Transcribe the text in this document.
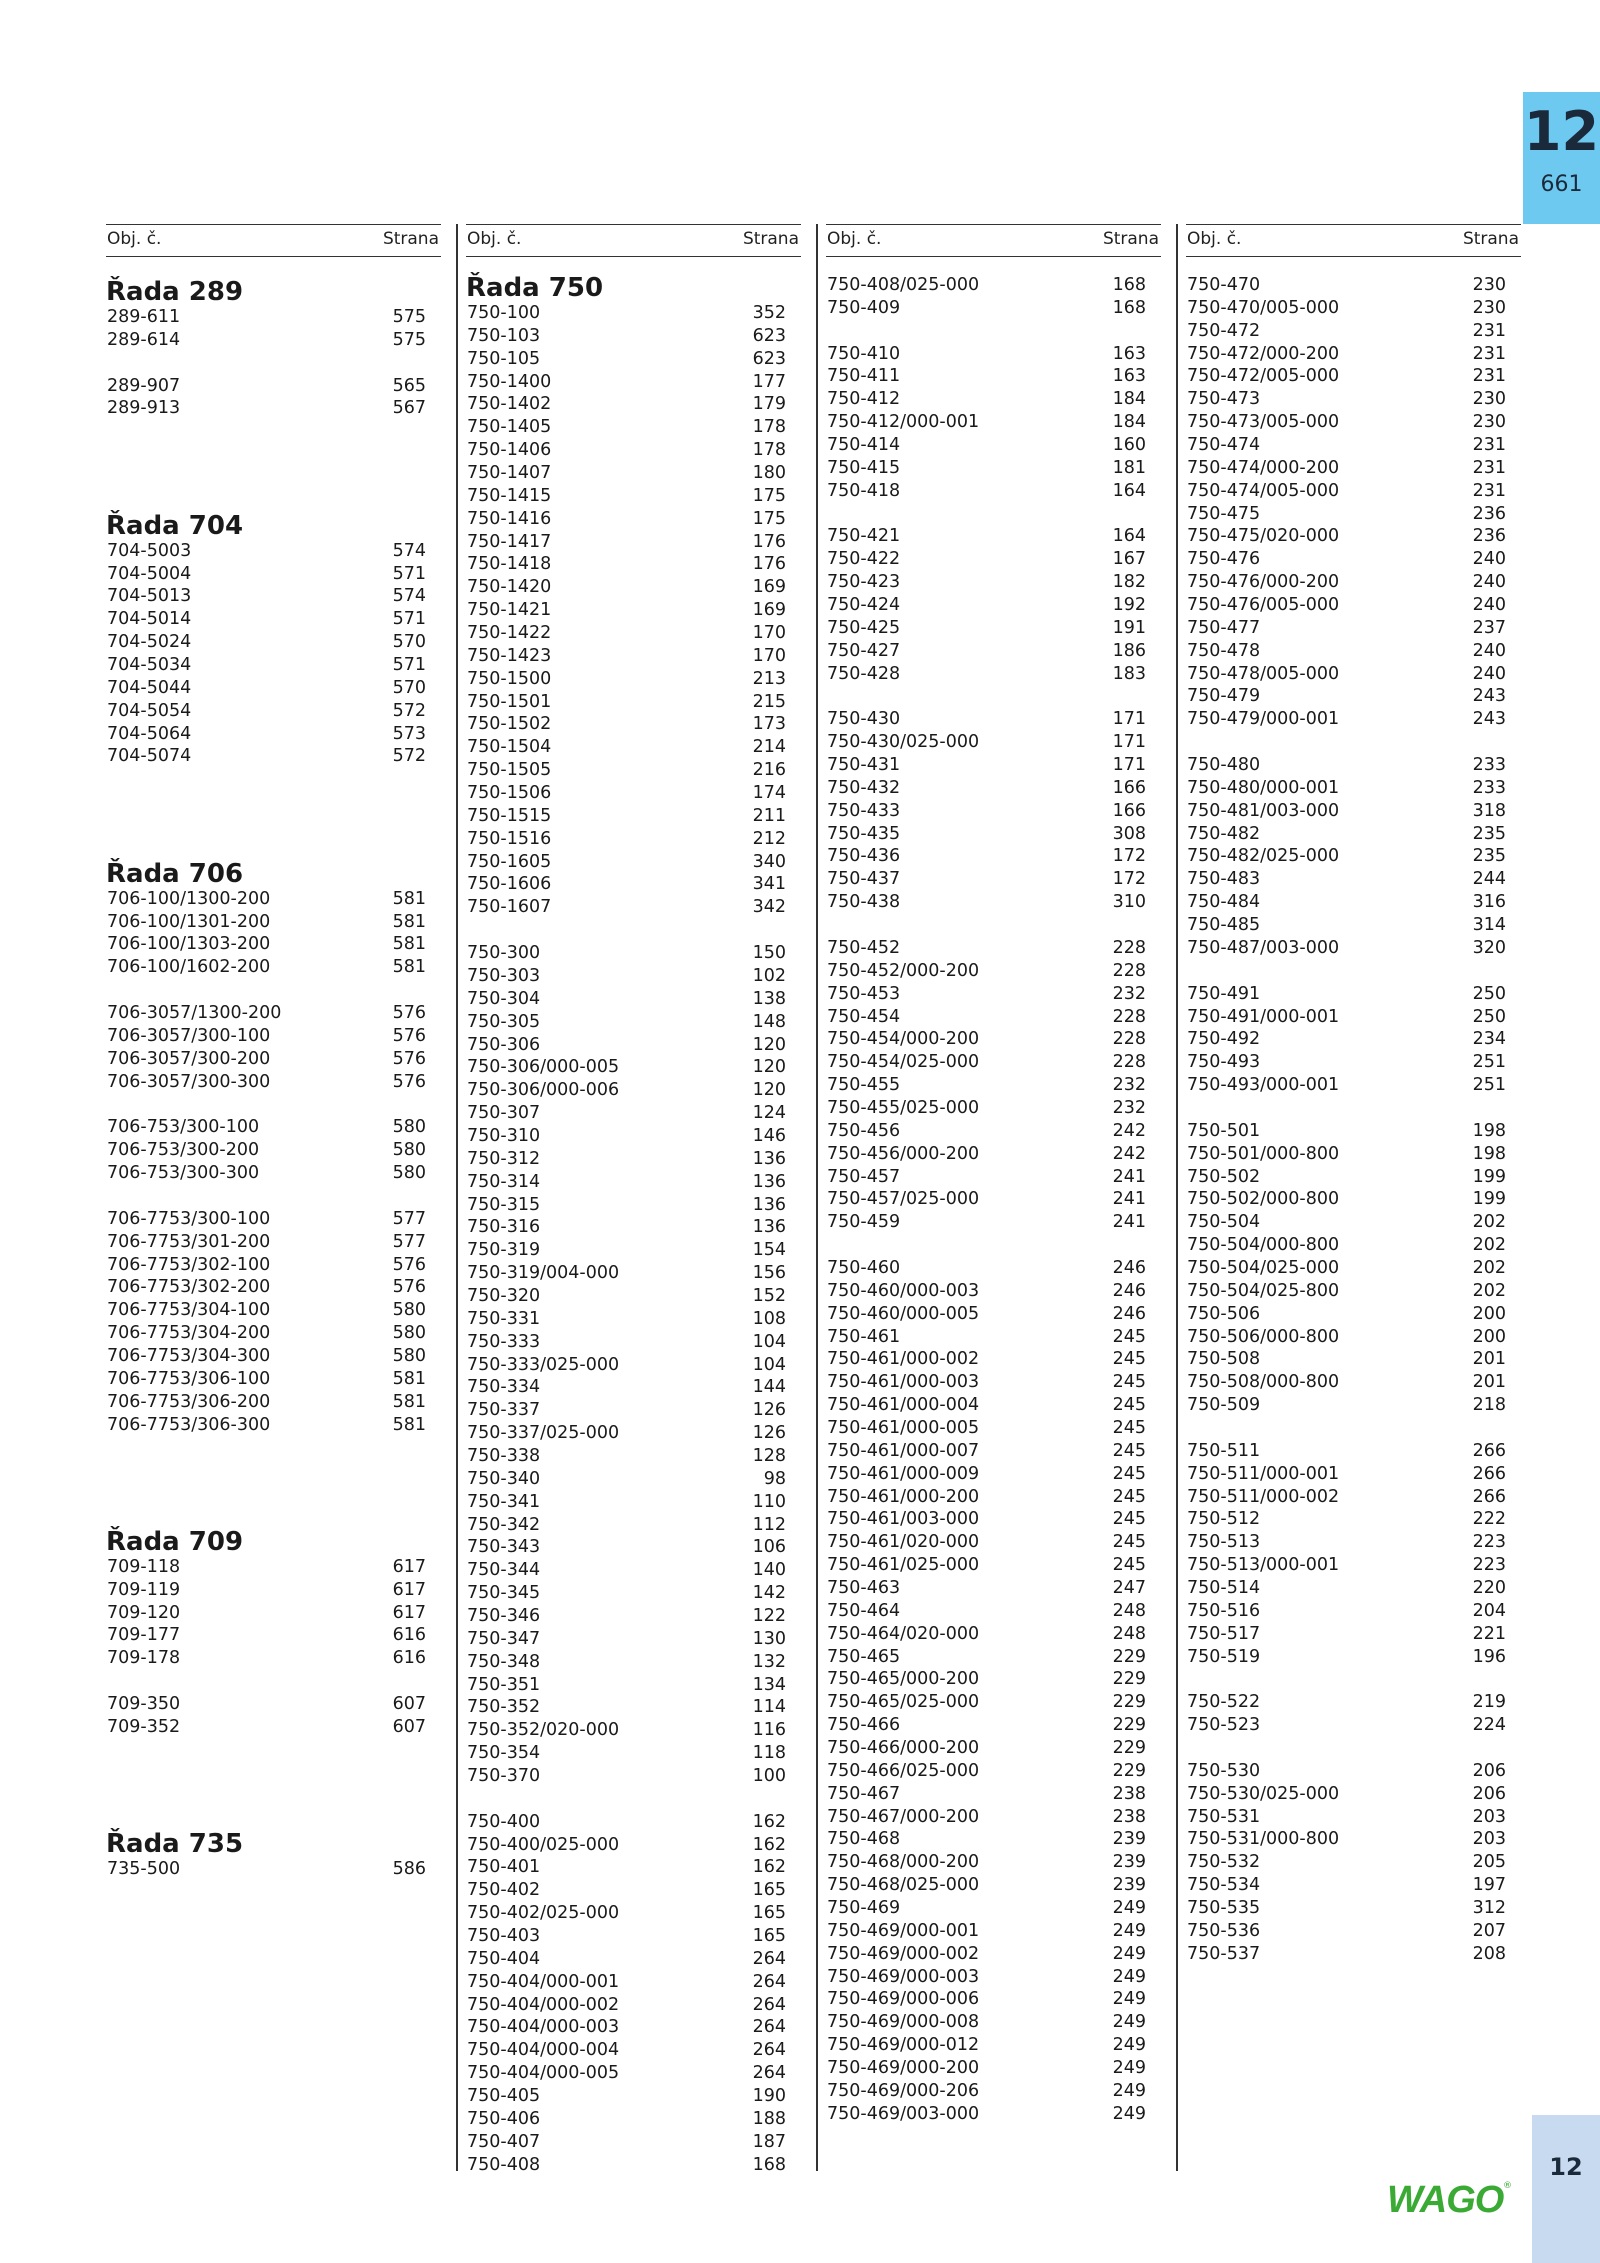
12
661
Obj. č.	Strana
Řada 289
289-611	575
289-614	575
289-907	565
289-913	567
Řada 704
704-5003	574
704-5004	571
704-5013	574
704-5014	571
704-5024	570
704-5034	571
704-5044	570
704-5054	572
704-5064	573
704-5074	572
Řada 706
706-100/1300-200	581
706-100/1301-200	581
706-100/1303-200	581
706-100/1602-200	581
706-3057/1300-200	576
706-3057/300-100	576
706-3057/300-200	576
706-3057/300-300	576
706-753/300-100	580
706-753/300-200	580
706-753/300-300	580
706-7753/300-100	577
706-7753/301-200	577
706-7753/302-100	576
706-7753/302-200	576
706-7753/304-100	580
706-7753/304-200	580
706-7753/304-300	580
706-7753/306-100	581
706-7753/306-200	581
706-7753/306-300	581
Řada 709
709-118	617
709-119	617
709-120	617
709-177	616
709-178	616
709-350	607
709-352	607
Řada 735
735-500	586
Obj. č.	Strana
Řada 750
750-100	352
750-103	623
750-105	623
750-1400	177
750-1402	179
750-1405	178
750-1406	178
750-1407	180
750-1415	175
750-1416	175
750-1417	176
750-1418	176
750-1420	169
750-1421	169
750-1422	170
750-1423	170
750-1500	213
750-1501	215
750-1502	173
750-1504	214
750-1505	216
750-1506	174
750-1515	211
750-1516	212
750-1605	340
750-1606	341
750-1607	342
750-300	150
750-303	102
750-304	138
750-305	148
750-306	120
750-306/000-005	120
750-306/000-006	120
750-307	124
750-310	146
750-312	136
750-314	136
750-315	136
750-316	136
750-319	154
750-319/004-000	156
750-320	152
750-331	108
750-333	104
750-333/025-000	104
750-334	144
750-337	126
750-337/025-000	126
750-338	128
750-340	98
750-341	110
750-342	112
750-343	106
750-344	140
750-345	142
750-346	122
750-347	130
750-348	132
750-351	134
750-352	114
750-352/020-000	116
750-354	118
750-370	100
750-400	162
750-400/025-000	162
750-401	162
750-402	165
750-402/025-000	165
750-403	165
750-404	264
750-404/000-001	264
750-404/000-002	264
750-404/000-003	264
750-404/000-004	264
750-404/000-005	264
750-405	190
750-406	188
750-407	187
750-408	168
Obj. č.	Strana
750-408/025-000	168
750-409	168
750-410	163
750-411	163
750-412	184
750-412/000-001	184
750-414	160
750-415	181
750-418	164
750-421	164
750-422	167
750-423	182
750-424	192
750-425	191
750-427	186
750-428	183
750-430	171
750-430/025-000	171
750-431	171
750-432	166
750-433	166
750-435	308
750-436	172
750-437	172
750-438	310
750-452	228
750-452/000-200	228
750-453	232
750-454	228
750-454/000-200	228
750-454/025-000	228
750-455	232
750-455/025-000	232
750-456	242
750-456/000-200	242
750-457	241
750-457/025-000	241
750-459	241
750-460	246
750-460/000-003	246
750-460/000-005	246
750-461	245
750-461/000-002	245
750-461/000-003	245
750-461/000-004	245
750-461/000-005	245
750-461/000-007	245
750-461/000-009	245
750-461/000-200	245
750-461/003-000	245
750-461/020-000	245
750-461/025-000	245
750-463	247
750-464	248
750-464/020-000	248
750-465	229
750-465/000-200	229
750-465/025-000	229
750-466	229
750-466/000-200	229
750-466/025-000	229
750-467	238
750-467/000-200	238
750-468	239
750-468/000-200	239
750-468/025-000	239
750-469	249
750-469/000-001	249
750-469/000-002	249
750-469/000-003	249
750-469/000-006	249
750-469/000-008	249
750-469/000-012	249
750-469/000-200	249
750-469/000-206	249
750-469/003-000	249
Obj. č.	Strana
750-470	230
750-470/005-000	230
750-472	231
750-472/000-200	231
750-472/005-000	231
750-473	230
750-473/005-000	230
750-474	231
750-474/000-200	231
750-474/005-000	231
750-475	236
750-475/020-000	236
750-476	240
750-476/000-200	240
750-476/005-000	240
750-477	237
750-478	240
750-478/005-000	240
750-479	243
750-479/000-001	243
750-480	233
750-480/000-001	233
750-481/003-000	318
750-482	235
750-482/025-000	235
750-483	244
750-484	316
750-485	314
750-487/003-000	320
750-491	250
750-491/000-001	250
750-492	234
750-493	251
750-493/000-001	251
750-501	198
750-501/000-800	198
750-502	199
750-502/000-800	199
750-504	202
750-504/000-800	202
750-504/025-000	202
750-504/025-800	202
750-506	200
750-506/000-800	200
750-508	201
750-508/000-800	201
750-509	218
750-511	266
750-511/000-001	266
750-511/000-002	266
750-512	222
750-513	223
750-513/000-001	223
750-514	220
750-516	204
750-517	221
750-519	196
750-522	219
750-523	224
750-530	206
750-530/025-000	206
750-531	203
750-531/000-800	203
750-532	205
750-534	197
750-535	312
750-536	207
750-537	208
12
WAGO ®
